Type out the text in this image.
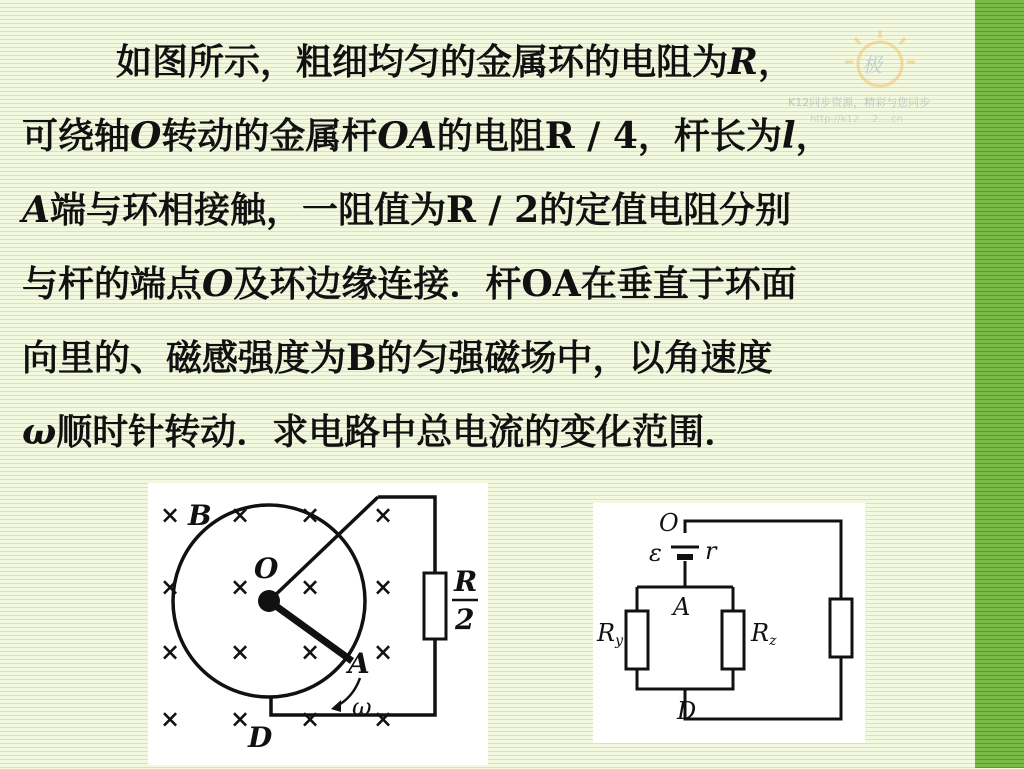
极
K12同步资源，精彩与您同步
http://k12....2....cn
如图所示，粗细均匀的金属环的电阻为R，
可绕轴O转动的金属杆OA的电阻R / 4，杆长为l，
A端与环相接触，一阻值为R / 2的定值电阻分别
与杆的端点O及环边缘连接．杆OA在垂直于环面
向里的、磁感强度为B的匀强磁场中，以角速度
ω顺时针转动．求电路中总电流的变化范围．
× × × ×
× × × ×
× × × ×
× × × ×
B
O
A
D
R
2
ω
O
ε r
A
Ry	Rz
D
